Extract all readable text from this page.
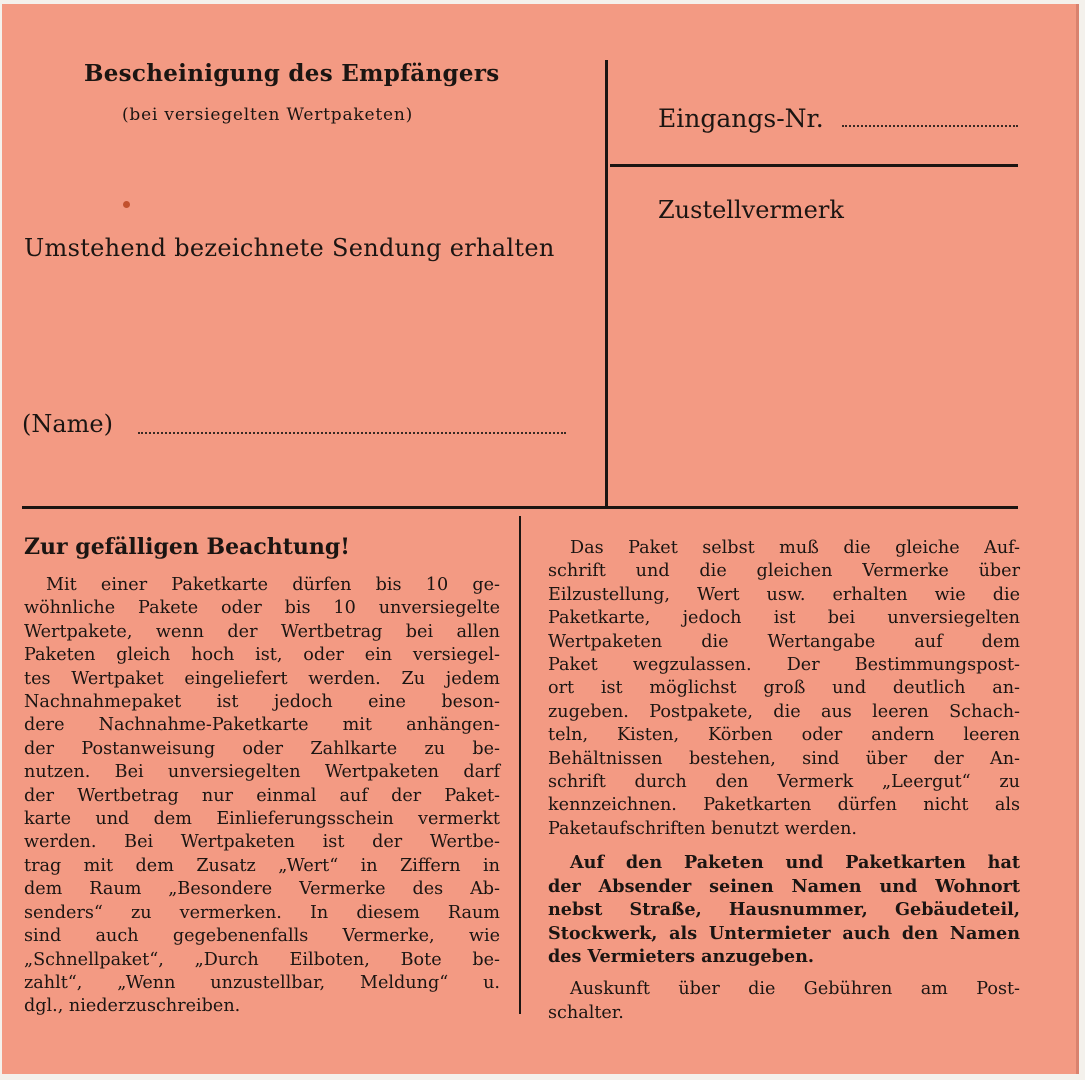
Bescheinigung des Empfängers
(bei versiegelten Wertpaketen)
Umstehend bezeichnete Sendung erhalten
(Name)
Eingangs-Nr.
Zustellvermerk
Zur gefälligen Beachtung!
Mit einer Paketkarte dürfen bis 10 ge-
wöhnliche Pakete oder bis 10 unversiegelte
Wertpakete, wenn der Wertbetrag bei allen
Paketen gleich hoch ist, oder ein versiegel-
tes Wertpaket eingeliefert werden. Zu jedem
Nachnahmepaket ist jedoch eine beson-
dere Nachnahme-Paketkarte mit anhängen-
der Postanweisung oder Zahlkarte zu be-
nutzen. Bei unversiegelten Wertpaketen darf
der Wertbetrag nur einmal auf der Paket-
karte und dem Einlieferungsschein vermerkt
werden. Bei Wertpaketen ist der Wertbe-
trag mit dem Zusatz „Wert“ in Ziffern in
dem Raum „Besondere Vermerke des Ab-
senders“ zu vermerken. In diesem Raum
sind auch gegebenenfalls Vermerke, wie
„Schnellpaket“, „Durch Eilboten, Bote be-
zahlt“, „Wenn unzustellbar, Meldung“ u.
dgl., niederzuschreiben.
Das Paket selbst muß die gleiche Auf-
schrift und die gleichen Vermerke über
Eilzustellung, Wert usw. erhalten wie die
Paketkarte, jedoch ist bei unversiegelten
Wertpaketen die Wertangabe auf dem
Paket wegzulassen. Der Bestimmungspost-
ort ist möglichst groß und deutlich an-
zugeben. Postpakete, die aus leeren Schach-
teln, Kisten, Körben oder andern leeren
Behältnissen bestehen, sind über der An-
schrift durch den Vermerk „Leergut“ zu
kennzeichnen. Paketkarten dürfen nicht als
Paketaufschriften benutzt werden.
Auf den Paketen und Paketkarten hat
der Absender seinen Namen und Wohnort
nebst Straße, Hausnummer, Gebäudeteil,
Stockwerk, als Untermieter auch den Namen
des Vermieters anzugeben.
Auskunft über die Gebühren am Post-
schalter.
